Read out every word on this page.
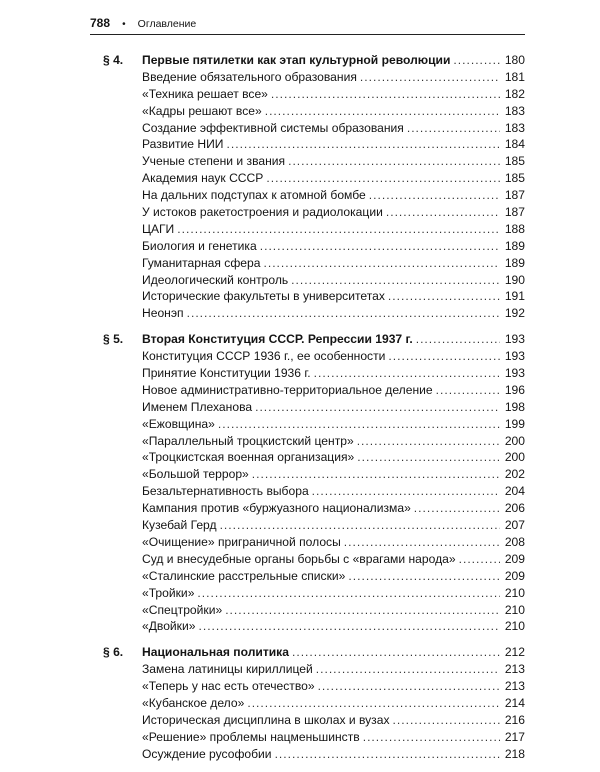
788 • Оглавление
§ 4.	Первые пятилетки как этап культурной революции .....	180
Введение обязательного образования .....	181
«Техника решает все» .....	182
«Кадры решают все» .....	183
Создание эффективной системы образования .....	183
Развитие НИИ .....	184
Ученые степени и звания .....	185
Академия наук СССР .....	185
На дальних подступах к атомной бомбе .....	187
У истоков ракетостроения и радиолокации .....	187
ЦАГИ .....	188
Биология и генетика .....	189
Гуманитарная сфера .....	189
Идеологический контроль .....	190
Исторические факультеты в университетах .....	191
Неонэп .....	192
§ 5.	Вторая Конституция СССР. Репрессии 1937 г. .....	193
Конституция СССР 1936 г., ее особенности .....	193
Принятие Конституции 1936 г. .....	193
Новое административно-территориальное деление .....	196
Именем Плеханова .....	198
«Ежовщина» .....	199
«Параллельный троцкистский центр» .....	200
«Троцкистская военная организация» .....	200
«Большой террор» .....	202
Безальтернативность выбора .....	204
Кампания против «буржуазного национализма» .....	206
Кузебай Герд .....	207
«Очищение» приграничной полосы .....	208
Суд и внесудебные органы борьбы с «врагами народа» .....	209
«Сталинские расстрельные списки» .....	209
«Тройки» .....	210
«Спецтройки» .....	210
«Двойки» .....	210
§ 6.	Национальная политика .....	212
Замена латиницы кириллицей .....	213
«Теперь у нас есть отечество» .....	213
«Кубанское дело» .....	214
Историческая дисциплина в школах и вузах .....	216
«Решение» проблемы нацменьшинств .....	217
Осуждение русофобии .....	218
